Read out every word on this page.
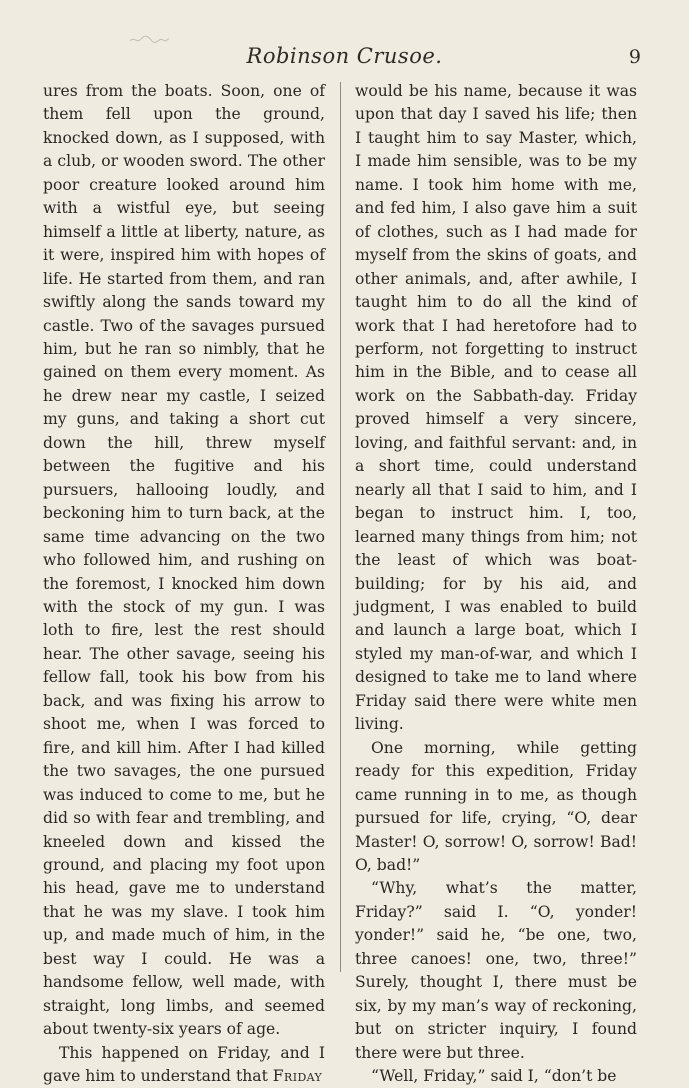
Robinson Crusoe.	9

ures from the boats. Soon, one of them fell upon the ground, knocked down, as I supposed, with a club, or wooden sword. The other poor creature looked around him with a wistful eye, but seeing himself a little at liberty, nature, as it were, inspired him with hopes of life. He started from them, and ran swiftly along the sands toward my castle. Two of the savages pursued him, but he ran so nimbly, that he gained on them every moment. As he drew near my castle, I seized my guns, and taking a short cut down the hill, threw myself between the fugitive and his pursuers, hallooing loudly, and beckoning him to turn back, at the same time advancing on the two who followed him, and rushing on the foremost, I knocked him down with the stock of my gun. I was loth to fire, lest the rest should hear. The other savage, seeing his fellow fall, took his bow from his back, and was fixing his arrow to shoot me, when I was forced to fire, and kill him. After I had killed the two savages, the one pursued was induced to come to me, but he did so with fear and trembling, and kneeled down and kissed the ground, and placing my foot upon his head, gave me to understand that he was my slave. I took him up, and made much of him, in the best way I could. He was a handsome fellow, well made, with straight, long limbs, and seemed about twenty-six years of age.

This happened on Friday, and I gave him to understand that Friday

would be his name, because it was upon that day I saved his life; then I taught him to say Master, which, I made him sensible, was to be my name. I took him home with me, and fed him, I also gave him a suit of clothes, such as I had made for myself from the skins of goats, and other animals, and, after awhile, I taught him to do all the kind of work that I had heretofore had to perform, not forgetting to instruct him in the Bible, and to cease all work on the Sabbath-day. Friday proved himself a very sincere, loving, and faithful servant: and, in a short time, could understand nearly all that I said to him, and I began to instruct him. I, too, learned many things from him; not the least of which was boat-building; for by his aid, and judgment, I was enabled to build and launch a large boat, which I styled my man-of-war, and which I designed to take me to land where Friday said there were white men living.

One morning, while getting ready for this expedition, Friday came running in to me, as though pursued for life, crying, “O, dear Master! O, sorrow! O, sorrow! Bad! O, bad!”

“Why, what’s the matter, Friday?” said I. “O, yonder! yonder!” said he, “be one, two, three canoes! one, two, three!” Surely, thought I, there must be six, by my man’s way of reckoning, but on stricter inquiry, I found there were but three.

“Well, Friday,” said I, “don’t be
